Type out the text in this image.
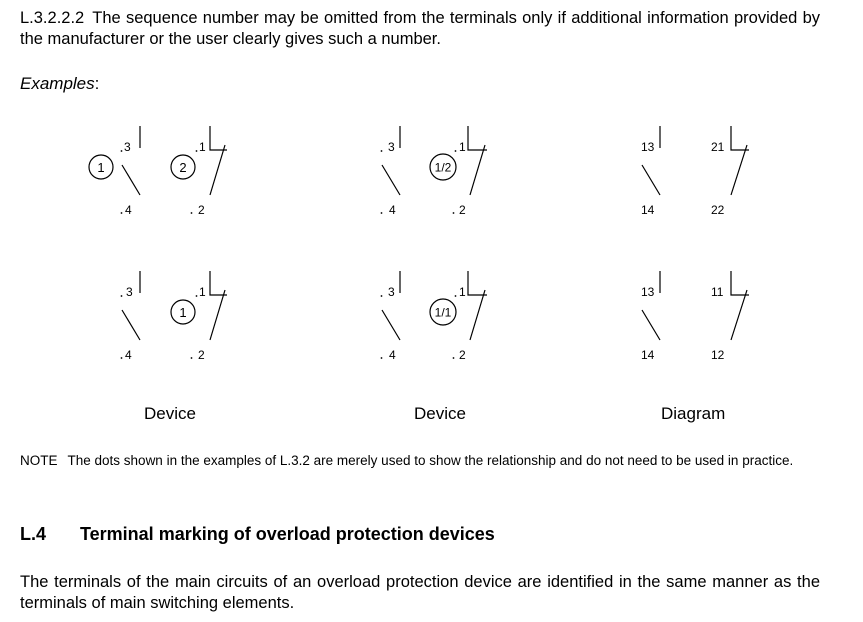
L.3.2.2.2 The sequence number may be omitted from the terminals only if additional information provided by the manufacturer or the user clearly gives such a number.
Examples:
1
3
4
2
1
2
3
4
1/2
1
2
13
14
21
22
3
4
1
1
2
3
4
1/1
1
2
13
14
11
12
Device	Device	Diagram
NOTE The dots shown in the examples of L.3.2 are merely used to show the relationship and do not need to be used in practice.
L.4 Terminal marking of overload protection devices
The terminals of the main circuits of an overload protection device are identified in the same manner as the terminals of main switching elements.
